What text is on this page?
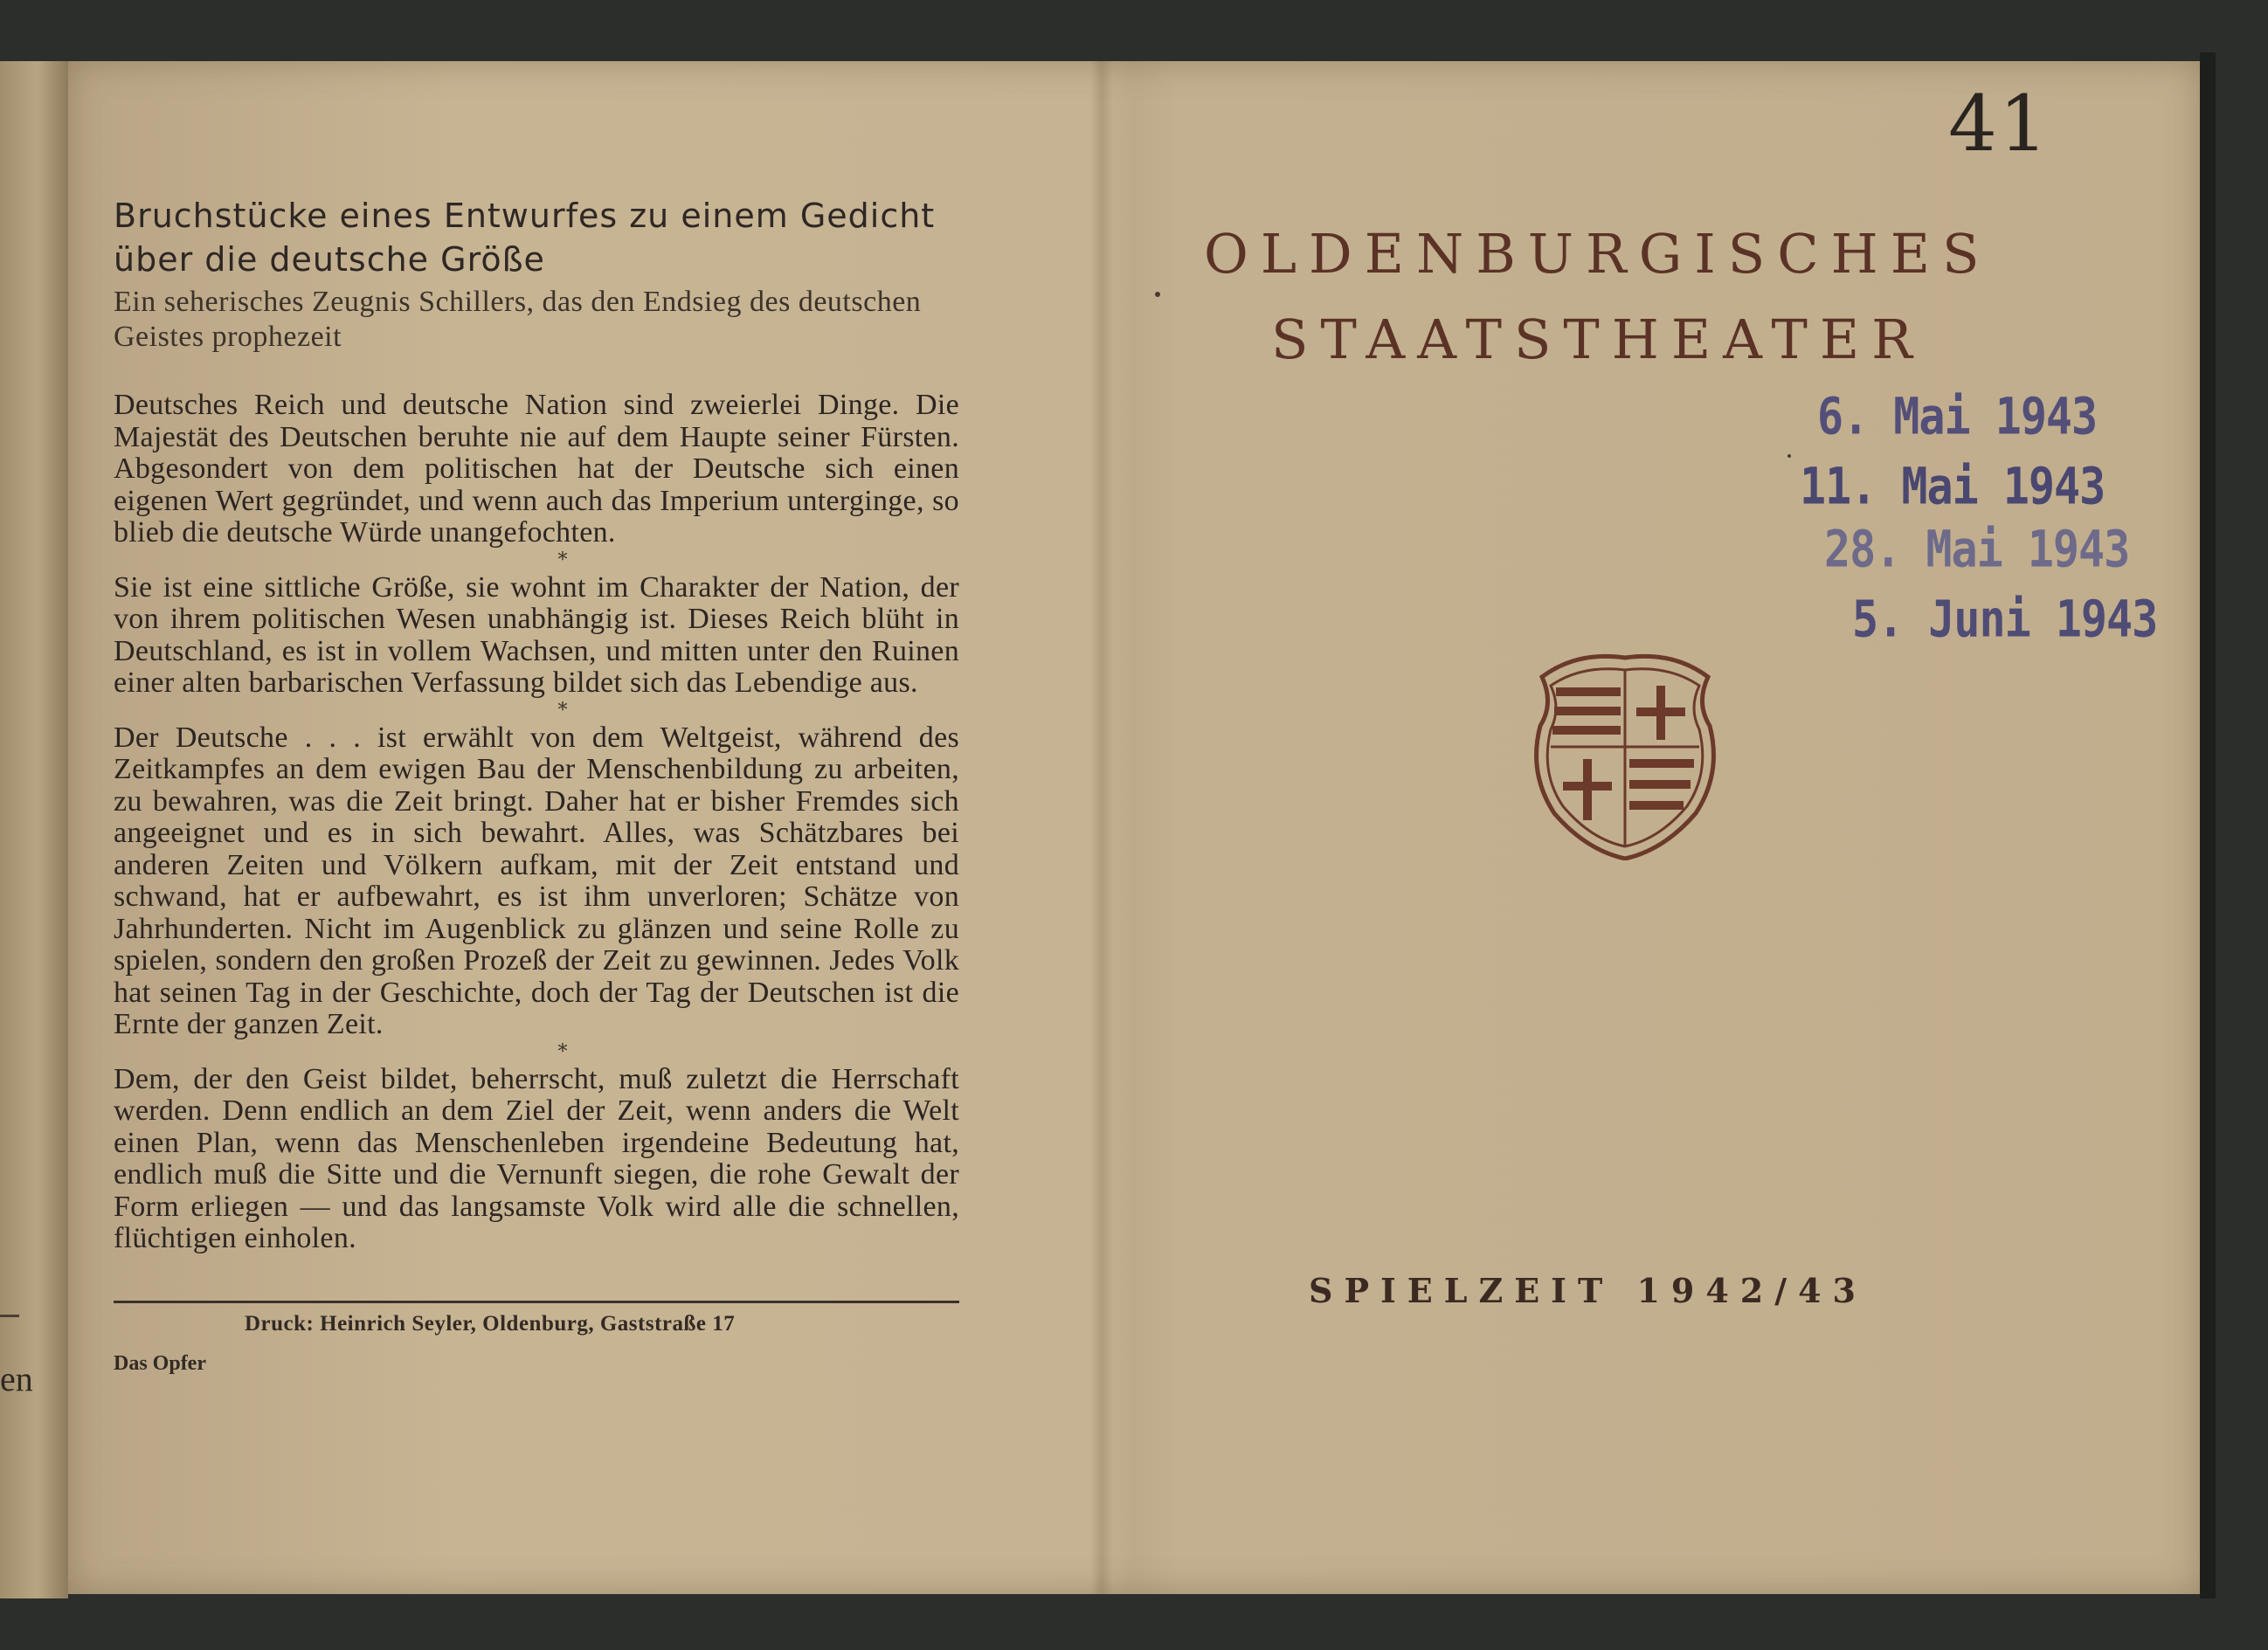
en
Bruchstücke eines Entwurfes zu einem Gedicht
über die deutsche Größe

Ein seherisches Zeugnis Schillers, das den Endsieg des deutschen Geistes prophezeit

Deutsches Reich und deutsche Nation sind zweierlei Dinge. Die Majestät des Deutschen beruhte nie auf dem Haupte seiner Fürsten. Abgesondert von dem politischen hat der Deutsche sich einen eigenen Wert gegründet, und wenn auch das Imperium unterginge, so blieb die deutsche Würde unangefochten.

*

Sie ist eine sittliche Größe, sie wohnt im Charakter der Nation, der von ihrem politischen Wesen unabhängig ist. Dieses Reich blüht in Deutschland, es ist in vollem Wachsen, und mitten unter den Ruinen einer alten barbarischen Verfassung bildet sich das Lebendige aus.

*

Der Deutsche . . . ist erwählt von dem Weltgeist, während des Zeitkampfes an dem ewigen Bau der Menschenbildung zu arbeiten, zu bewahren, was die Zeit bringt. Daher hat er bisher Fremdes sich angeeignet und es in sich bewahrt. Alles, was Schätzbares bei anderen Zeiten und Völkern aufkam, mit der Zeit entstand und schwand, hat er aufbewahrt, es ist ihm unverloren; Schätze von Jahrhunderten. Nicht im Augenblick zu glänzen und seine Rolle zu spielen, sondern den großen Prozeß der Zeit zu gewinnen. Jedes Volk hat seinen Tag in der Geschichte, doch der Tag der Deutschen ist die Ernte der ganzen Zeit.

*

Dem, der den Geist bildet, beherrscht, muß zuletzt die Herrschaft werden. Denn endlich an dem Ziel der Zeit, wenn anders die Welt einen Plan, wenn das Menschenleben irgendeine Bedeutung hat, endlich muß die Sitte und die Vernunft siegen, die rohe Gewalt der Form erliegen — und das langsamste Volk wird alle die schnellen, flüchtigen einholen.

Druck: Heinrich Seyler, Oldenburg, Gaststraße 17
Das Opfer
41
OLDENBURGISCHES
STAATSTHEATER
6. Mai 1943
11. Mai 1943
28. Mai 1943
5. Juni 1943
SPIELZEIT 1942/43
